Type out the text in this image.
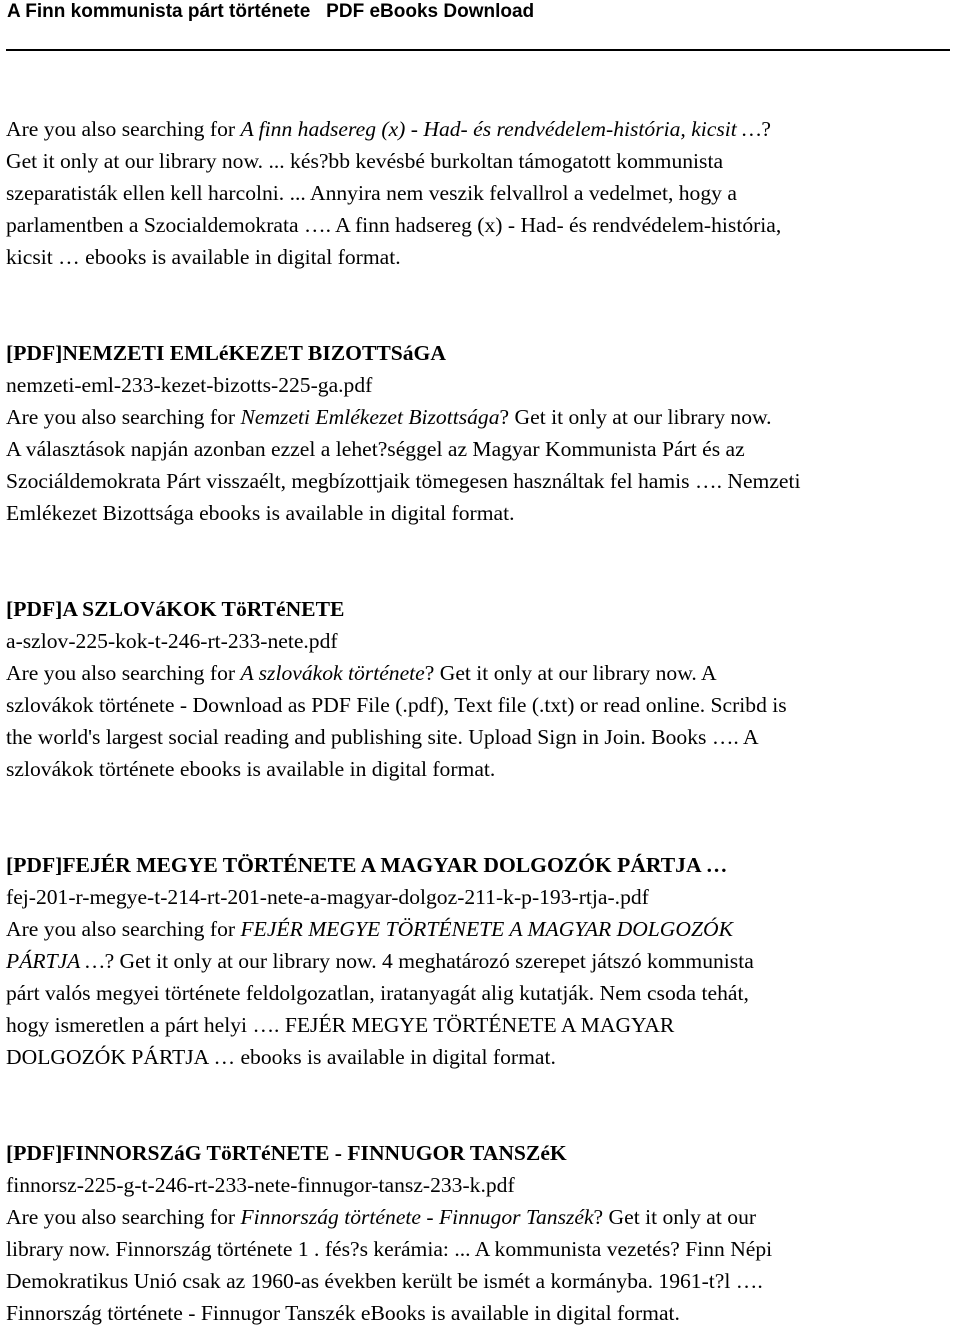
A Finn kommunista párt története PDF eBooks Download
Are you also searching for A finn hadsereg (x) - Had- és rendvédelem-história, kicsit …?
Get it only at our library now. ... kés?bb kevésbé burkoltan támogatott kommunista
szeparatisták ellen kell harcolni. ... Annyira nem veszik felvallrol a vedelmet, hogy a
parlamentben a Szocialdemokrata …. A finn hadsereg (x) - Had- és rendvédelem-história,
kicsit … ebooks is available in digital format.
[PDF]NEMZETI EMLéKEZET BIZOTTSáGA
nemzeti-eml-233-kezet-bizotts-225-ga.pdf
Are you also searching for Nemzeti Emlékezet Bizottsága? Get it only at our library now.
A választások napján azonban ezzel a lehet?séggel az Magyar Kommunista Párt és az
Szociáldemokrata Párt visszaélt, megbízottjaik tömegesen használtak fel hamis …. Nemzeti
Emlékezet Bizottsága ebooks is available in digital format.
[PDF]A SZLOVáKOK TöRTéNETE
a-szlov-225-kok-t-246-rt-233-nete.pdf
Are you also searching for A szlovákok története? Get it only at our library now. A
szlovákok története - Download as PDF File (.pdf), Text file (.txt) or read online. Scribd is
the world's largest social reading and publishing site. Upload Sign in Join. Books …. A
szlovákok története ebooks is available in digital format.
[PDF]FEJÉR MEGYE TÖRTÉNETE A MAGYAR DOLGOZÓK PÁRTJA …
fej-201-r-megye-t-214-rt-201-nete-a-magyar-dolgoz-211-k-p-193-rtja-.pdf
Are you also searching for FEJÉR MEGYE TÖRTÉNETE A MAGYAR DOLGOZÓK
PÁRTJA …? Get it only at our library now. 4 meghatározó szerepet játszó kommunista
párt valós megyei története feldolgozatlan, iratanyagát alig kutatják. Nem csoda tehát,
hogy ismeretlen a párt helyi …. FEJÉR MEGYE TÖRTÉNETE A MAGYAR
DOLGOZÓK PÁRTJA … ebooks is available in digital format.
[PDF]FINNORSZáG TöRTéNETE - FINNUGOR TANSZéK
finnorsz-225-g-t-246-rt-233-nete-finnugor-tansz-233-k.pdf
Are you also searching for Finnország története - Finnugor Tanszék? Get it only at our
library now. Finnország története 1 . fés?s kerámia: ... A kommunista vezetés? Finn Népi
Demokratikus Unió csak az 1960-as években került be ismét a kormányba. 1961-t?l ….
Finnország története - Finnugor Tanszék eBooks is available in digital format.
